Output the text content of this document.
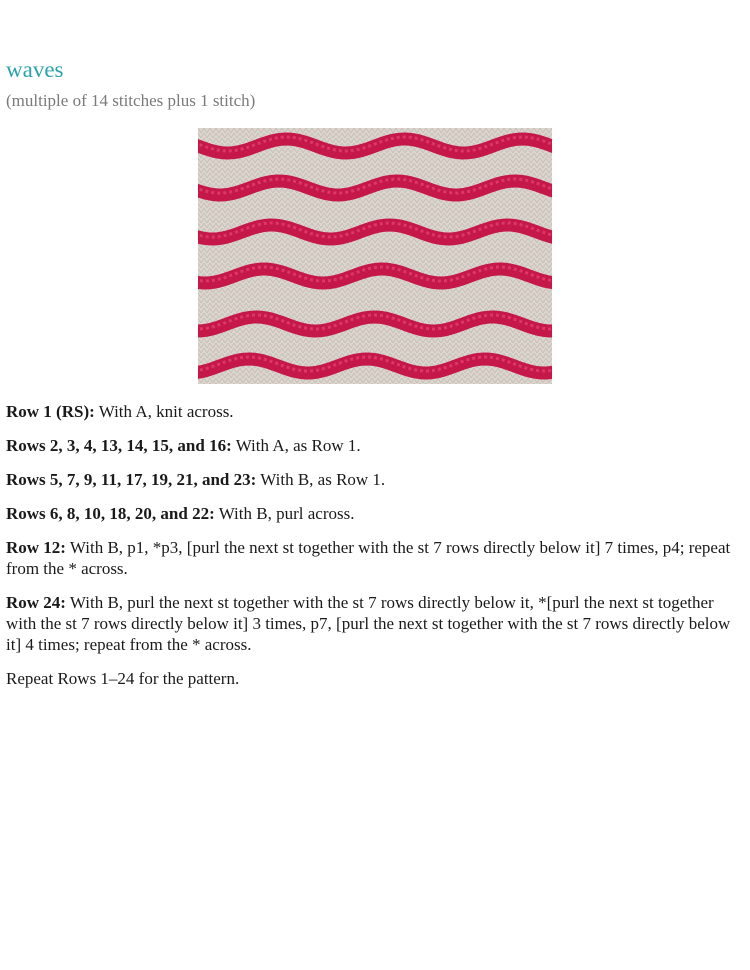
waves

(multiple of 14 stitches plus 1 stitch)

Row 1 (RS): With A, knit across.

Rows 2, 3, 4, 13, 14, 15, and 16: With A, as Row 1.

Rows 5, 7, 9, 11, 17, 19, 21, and 23: With B, as Row 1.

Rows 6, 8, 10, 18, 20, and 22: With B, purl across.

Row 12: With B, p1, *p3, [purl the next st together with the st 7 rows directly below it] 7 times, p4; repeat from the * across.

Row 24: With B, purl the next st together with the st 7 rows directly below it, *[purl the next st together with the st 7 rows directly below it] 3 times, p7, [purl the next st together with the st 7 rows directly below it] 4 times; repeat from the * across.

Repeat Rows 1–24 for the pattern.
